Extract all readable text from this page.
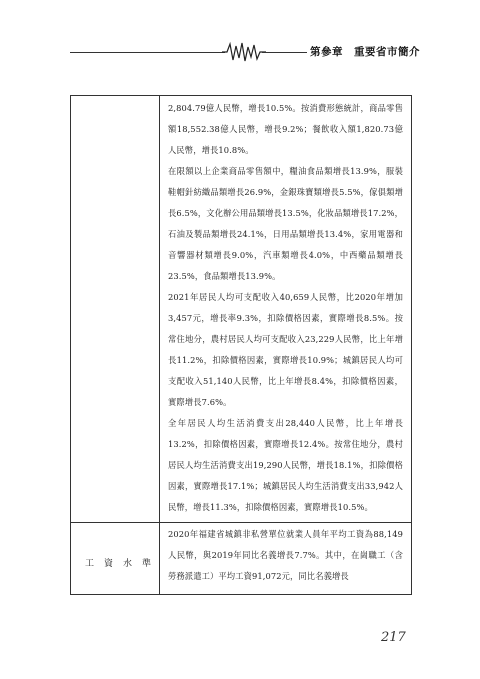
第參章　重要省市簡介

2,804.79億人民幣，增長10.5%。按消費形態統計，商品零售額18,552.38億人民幣，增長9.2%；餐飲收入額1,820.73億人民幣，增長10.8%。

在限額以上企業商品零售額中，糧油食品類增長13.9%，服裝鞋帽針紡織品類增長26.9%，金銀珠寶類增長5.5%，傢俱類增長6.5%，文化辦公用品類增長13.5%，化妝品類增長17.2%，石油及製品類增長24.1%，日用品類增長13.4%，家用電器和音響器材類增長9.0%，汽車類增長4.0%，中西藥品類增長23.5%，食品類增長13.9%。

2021年居民人均可支配收入40,659人民幣，比2020年增加3,457元，增長率9.3%，扣除價格因素，實際增長8.5%。按常住地分，農村居民人均可支配收入23,229人民幣，比上年增長11.2%，扣除價格因素，實際增長10.9%；城鎮居民人均可支配收入51,140人民幣，比上年增長8.4%，扣除價格因素，實際增長7.6%。

全年居民人均生活消費支出28,440人民幣，比上年增長13.2%，扣除價格因素，實際增長12.4%。按常住地分，農村居民人均生活消費支出19,290人民幣，增長18.1%，扣除價格因素，實際增長17.1%；城鎮居民人均生活消費支出33,942人民幣，增長11.3%，扣除價格因素，實際增長10.5%。

工資水準

2020年福建省城鎮非私營單位就業人員年平均工資為88,149人民幣，與2019年同比名義增長7.7%。其中，在崗職工（含勞務派遣工）平均工資91,072元，同比名義增長

217
